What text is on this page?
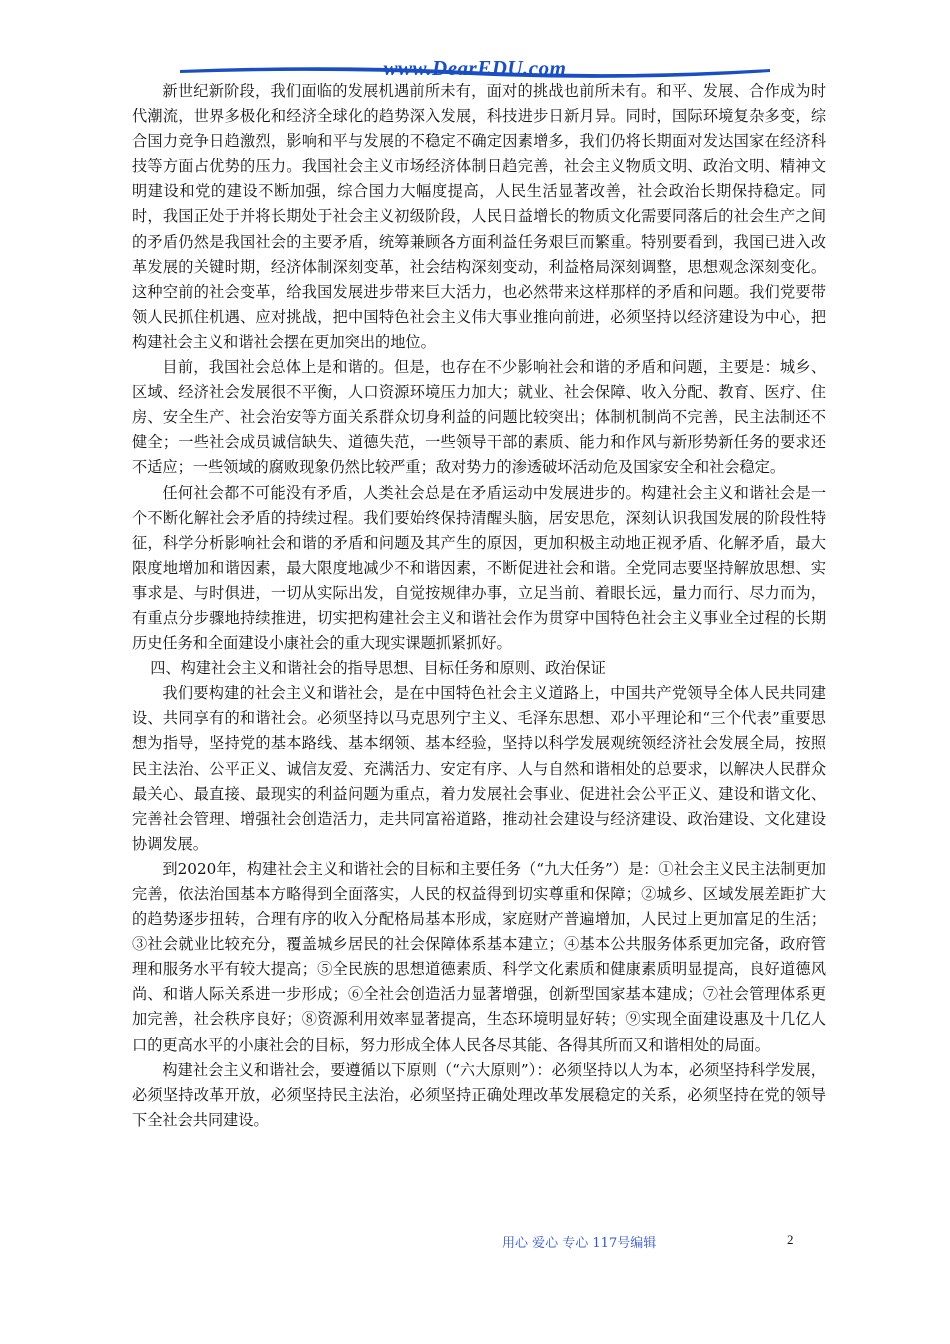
www.DearEDU.com

新世纪新阶段，我们面临的发展机遇前所未有，面对的挑战也前所未有。和平、发展、合作成为时代潮流，世界多极化和经济全球化的趋势深入发展，科技进步日新月异。同时，国际环境复杂多变，综合国力竞争日趋激烈，影响和平与发展的不稳定不确定因素增多，我们仍将长期面对发达国家在经济科技等方面占优势的压力。我国社会主义市场经济体制日趋完善，社会主义物质文明、政治文明、精神文明建设和党的建设不断加强，综合国力大幅度提高，人民生活显著改善，社会政治长期保持稳定。同时，我国正处于并将长期处于社会主义初级阶段，人民日益增长的物质文化需要同落后的社会生产之间的矛盾仍然是我国社会的主要矛盾，统筹兼顾各方面利益任务艰巨而繁重。特别要看到，我国已进入改革发展的关键时期，经济体制深刻变革，社会结构深刻变动，利益格局深刻调整，思想观念深刻变化。这种空前的社会变革，给我国发展进步带来巨大活力，也必然带来这样那样的矛盾和问题。我们党要带领人民抓住机遇、应对挑战，把中国特色社会主义伟大事业推向前进，必须坚持以经济建设为中心，把构建社会主义和谐社会摆在更加突出的地位。

目前，我国社会总体上是和谐的。但是，也存在不少影响社会和谐的矛盾和问题，主要是：城乡、区域、经济社会发展很不平衡，人口资源环境压力加大；就业、社会保障、收入分配、教育、医疗、住房、安全生产、社会治安等方面关系群众切身利益的问题比较突出；体制机制尚不完善，民主法制还不健全；一些社会成员诚信缺失、道德失范，一些领导干部的素质、能力和作风与新形势新任务的要求还不适应；一些领域的腐败现象仍然比较严重；敌对势力的渗透破坏活动危及国家安全和社会稳定。

任何社会都不可能没有矛盾，人类社会总是在矛盾运动中发展进步的。构建社会主义和谐社会是一个不断化解社会矛盾的持续过程。我们要始终保持清醒头脑，居安思危，深刻认识我国发展的阶段性特征，科学分析影响社会和谐的矛盾和问题及其产生的原因，更加积极主动地正视矛盾、化解矛盾，最大限度地增加和谐因素，最大限度地减少不和谐因素，不断促进社会和谐。全党同志要坚持解放思想、实事求是、与时俱进，一切从实际出发，自觉按规律办事，立足当前、着眼长远，量力而行、尽力而为，有重点分步骤地持续推进，切实把构建社会主义和谐社会作为贯穿中国特色社会主义事业全过程的长期历史任务和全面建设小康社会的重大现实课题抓紧抓好。

四、构建社会主义和谐社会的指导思想、目标任务和原则、政治保证

我们要构建的社会主义和谐社会，是在中国特色社会主义道路上，中国共产党领导全体人民共同建设、共同享有的和谐社会。必须坚持以马克思列宁主义、毛泽东思想、邓小平理论和“三个代表”重要思想为指导，坚持党的基本路线、基本纲领、基本经验，坚持以科学发展观统领经济社会发展全局，按照民主法治、公平正义、诚信友爱、充满活力、安定有序、人与自然和谐相处的总要求，以解决人民群众最关心、最直接、最现实的利益问题为重点，着力发展社会事业、促进社会公平正义、建设和谐文化、完善社会管理、增强社会创造活力，走共同富裕道路，推动社会建设与经济建设、政治建设、文化建设协调发展。

到2020年，构建社会主义和谐社会的目标和主要任务（“九大任务”）是：①社会主义民主法制更加完善，依法治国基本方略得到全面落实，人民的权益得到切实尊重和保障；②城乡、区域发展差距扩大的趋势逐步扭转，合理有序的收入分配格局基本形成，家庭财产普遍增加，人民过上更加富足的生活；③社会就业比较充分，覆盖城乡居民的社会保障体系基本建立；④基本公共服务体系更加完备，政府管理和服务水平有较大提高；⑤全民族的思想道德素质、科学文化素质和健康素质明显提高，良好道德风尚、和谐人际关系进一步形成；⑥全社会创造活力显著增强，创新型国家基本建成；⑦社会管理体系更加完善，社会秩序良好；⑧资源利用效率显著提高，生态环境明显好转；⑨实现全面建设惠及十几亿人口的更高水平的小康社会的目标，努力形成全体人民各尽其能、各得其所而又和谐相处的局面。

构建社会主义和谐社会，要遵循以下原则（“六大原则”）：必须坚持以人为本，必须坚持科学发展，必须坚持改革开放，必须坚持民主法治，必须坚持正确处理改革发展稳定的关系，必须坚持在党的领导下全社会共同建设。

用心 爱心 专心 117号编辑	2
